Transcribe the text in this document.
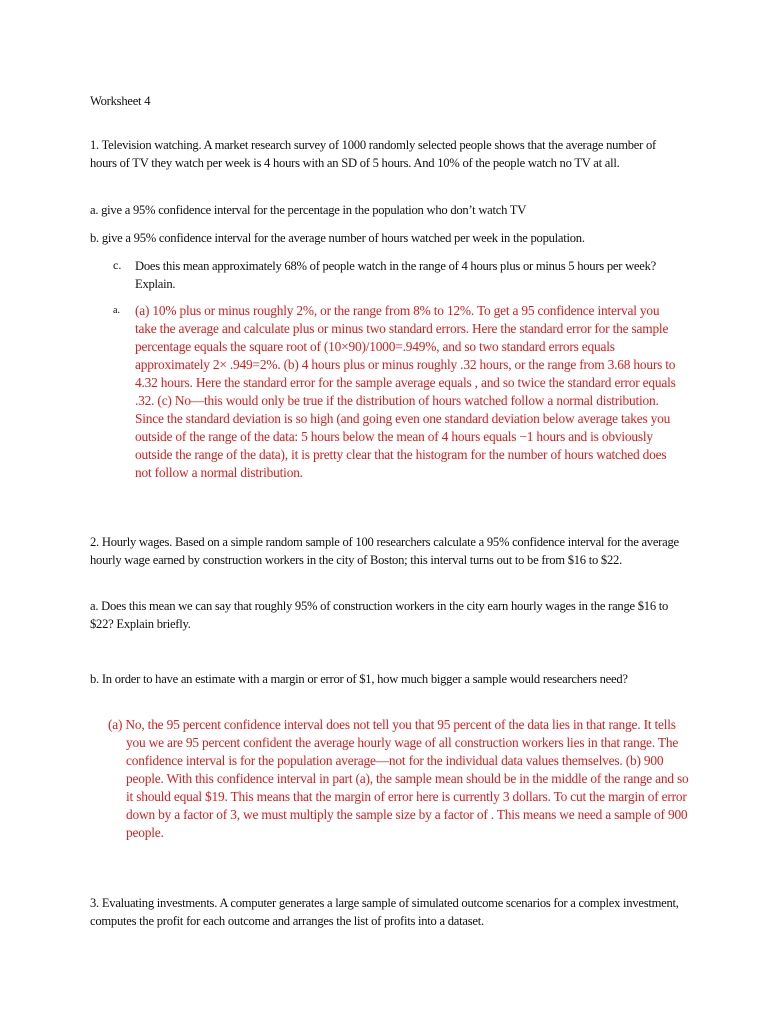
Worksheet 4

1. Television watching. A market research survey of 1000 randomly selected people shows that the average number of hours of TV they watch per week is 4 hours with an SD of 5 hours. And 10% of the people watch no TV at all.

a. give a 95% confidence interval for the percentage in the population who don’t watch TV

b. give a 95% confidence interval for the average number of hours watched per week in the population.

c. Does this mean approximately 68% of people watch in the range of 4 hours plus or minus 5 hours per week? Explain.

a. (a) 10% plus or minus roughly 2%, or the range from 8% to 12%. To get a 95 confidence interval you take the average and calculate plus or minus two standard errors. Here the standard error for the sample percentage equals the square root of (10×90)/1000=.949%, and so two standard errors equals approximately 2× .949=2%. (b) 4 hours plus or minus roughly .32 hours, or the range from 3.68 hours to 4.32 hours. Here the standard error for the sample average equals , and so twice the standard error equals .32. (c) No—this would only be true if the distribution of hours watched follow a normal distribution. Since the standard deviation is so high (and going even one standard deviation below average takes you outside of the range of the data: 5 hours below the mean of 4 hours equals −1 hours and is obviously outside the range of the data), it is pretty clear that the histogram for the number of hours watched does not follow a normal distribution.

2. Hourly wages. Based on a simple random sample of 100 researchers calculate a 95% confidence interval for the average hourly wage earned by construction workers in the city of Boston; this interval turns out to be from $16 to $22.

a. Does this mean we can say that roughly 95% of construction workers in the city earn hourly wages in the range $16 to $22? Explain briefly.

b. In order to have an estimate with a margin or error of $1, how much bigger a sample would researchers need?

(a) No, the 95 percent confidence interval does not tell you that 95 percent of the data lies in that range. It tells you we are 95 percent confident the average hourly wage of all construction workers lies in that range. The confidence interval is for the population average—not for the individual data values themselves. (b) 900 people. With this confidence interval in part (a), the sample mean should be in the middle of the range and so it should equal $19. This means that the margin of error here is currently 3 dollars. To cut the margin of error down by a factor of 3, we must multiply the sample size by a factor of . This means we need a sample of 900 people.

3. Evaluating investments. A computer generates a large sample of simulated outcome scenarios for a complex investment, computes the profit for each outcome and arranges the list of profits into a dataset.
